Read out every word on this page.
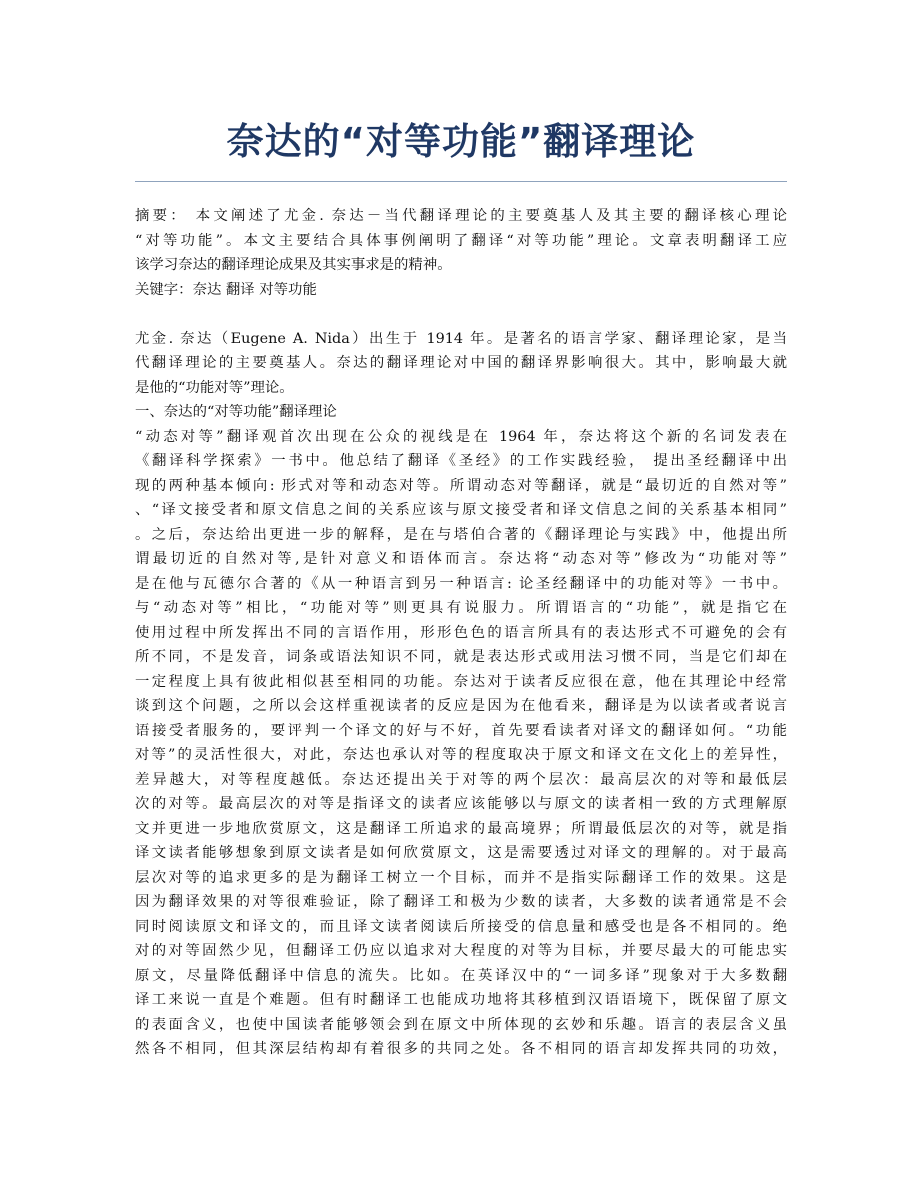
奈达的“对等功能”翻译理论
摘要： 本文阐述了尤金. 奈达－当代翻译理论的主要奠基人及其主要的翻译核心理论
“对等功能”。本文主要结合具体事例阐明了翻译“对等功能”理论。文章表明翻译工应
该学习奈达的翻译理论成果及其实事求是的精神。
关键字：奈达 翻译 对等功能
尤金. 奈达（Eugene A. Nida）出生于 1914 年。是著名的语言学家、翻译理论家，是当
代翻译理论的主要奠基人。奈达的翻译理论对中国的翻译界影响很大。其中，影响最大就
是他的“功能对等”理论。
一、奈达的“对等功能”翻译理论
“动态对等”翻译观首次出现在公众的视线是在 1964 年，奈达将这个新的名词发表在
《翻译科学探索》一书中。他总结了翻译《圣经》的工作实践经验， 提出圣经翻译中出
现的两种基本倾向: 形式对等和动态对等。所谓动态对等翻译，就是“最切近的自然对等”
、“译文接受者和原文信息之间的关系应该与原文接受者和译文信息之间的关系基本相同”
。之后，奈达给出更进一步的解释，是在与塔伯合著的《翻译理论与实践》中，他提出所
谓最切近的自然对等,是针对意义和语体而言。奈达将“动态对等”修改为“功能对等”
是在他与瓦德尔合著的《从一种语言到另一种语言: 论圣经翻译中的功能对等》一书中。
与“动态对等”相比，“功能对等”则更具有说服力。所谓语言的“功能”，就是指它在
使用过程中所发挥出不同的言语作用，形形色色的语言所具有的表达形式不可避免的会有
所不同，不是发音，词条或语法知识不同，就是表达形式或用法习惯不同，当是它们却在
一定程度上具有彼此相似甚至相同的功能。奈达对于读者反应很在意，他在其理论中经常
谈到这个问题，之所以会这样重视读者的反应是因为在他看来，翻译是为以读者或者说言
语接受者服务的，要评判一个译文的好与不好，首先要看读者对译文的翻译如何。“功能
对等”的灵活性很大，对此，奈达也承认对等的程度取决于原文和译文在文化上的差异性，
差异越大，对等程度越低。奈达还提出关于对等的两个层次：最高层次的对等和最低层
次的对等。最高层次的对等是指译文的读者应该能够以与原文的读者相一致的方式理解原
文并更进一步地欣赏原文，这是翻译工所追求的最高境界；所谓最低层次的对等，就是指
译文读者能够想象到原文读者是如何欣赏原文，这是需要透过对译文的理解的。对于最高
层次对等的追求更多的是为翻译工树立一个目标，而并不是指实际翻译工作的效果。这是
因为翻译效果的对等很难验证，除了翻译工和极为少数的读者，大多数的读者通常是不会
同时阅读原文和译文的，而且译文读者阅读后所接受的信息量和感受也是各不相同的。绝
对的对等固然少见，但翻译工仍应以追求对大程度的对等为目标，并要尽最大的可能忠实
原文，尽量降低翻译中信息的流失。比如。在英译汉中的“一词多译”现象对于大多数翻
译工来说一直是个难题。但有时翻译工也能成功地将其移植到汉语语境下，既保留了原文
的表面含义，也使中国读者能够领会到在原文中所体现的玄妙和乐趣。语言的表层含义虽
然各不相同，但其深层结构却有着很多的共同之处。各不相同的语言却发挥共同的功效，
